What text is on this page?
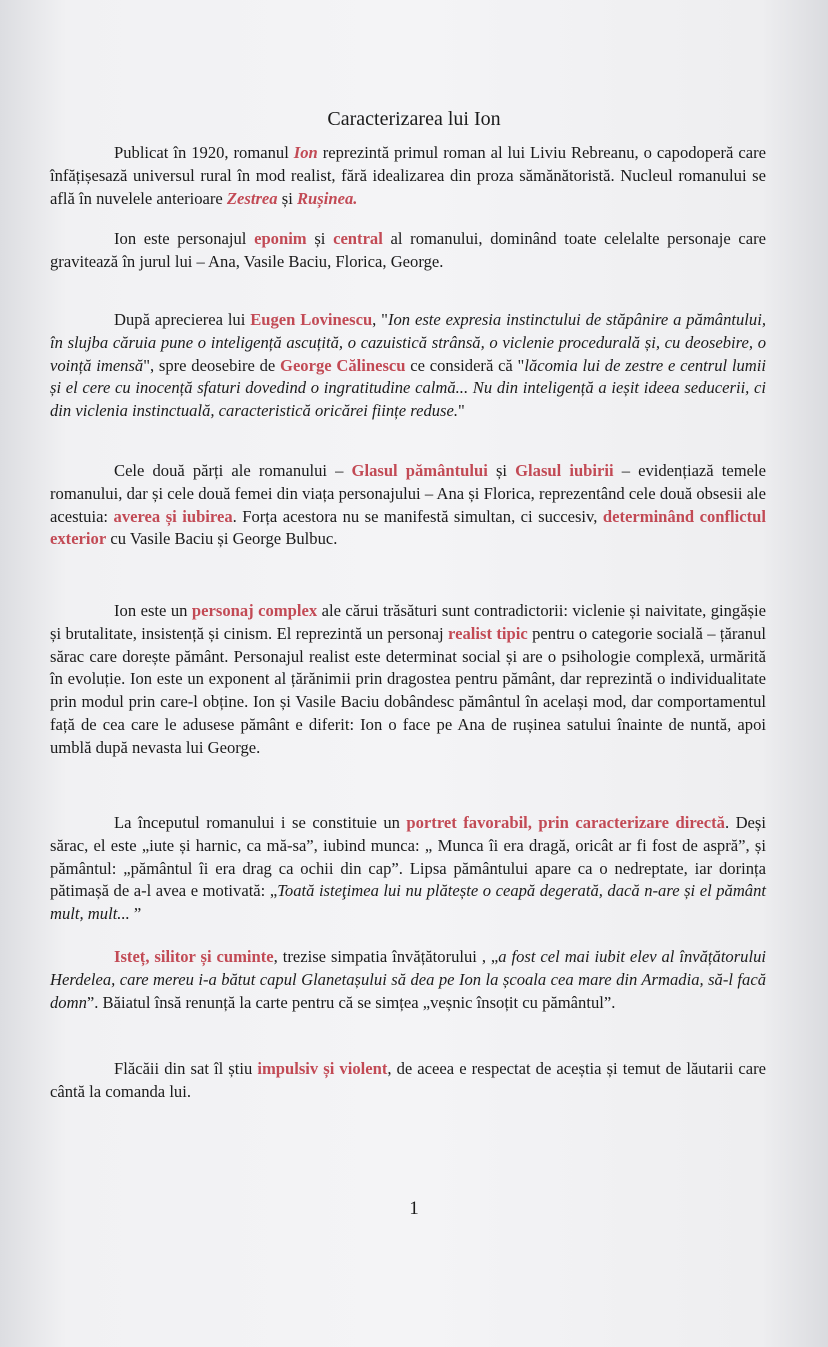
Caracterizarea lui Ion

Publicat în 1920, romanul Ion reprezintă primul roman al lui Liviu Rebreanu, o capodoperă care înfățișesază universul rural în mod realist, fără idealizarea din proza sămănătoristă. Nucleul romanului se află în nuvelele anterioare Zestrea și Rușinea.

Ion este personajul eponim și central al romanului, dominând toate celelalte personaje care gravitează în jurul lui – Ana, Vasile Baciu, Florica, George.

După aprecierea lui Eugen Lovinescu, "Ion este expresia instinctului de stăpânire a pământului, în slujba căruia pune o inteligență ascuțită, o cazuistică strânsă, o viclenie procedurală și, cu deosebire, o voință imensă", spre deosebire de George Călinescu ce consideră că "lăcomia lui de zestre e centrul lumii și el cere cu inocență sfaturi dovedind o ingratitudine calmă... Nu din inteligență a ieșit ideea seducerii, ci din viclenia instinctuală, caracteristică oricărei ființe reduse."

Cele două părți ale romanului – Glasul pământului și Glasul iubirii – evidențiază temele romanului, dar și cele două femei din viața personajului – Ana și Florica, reprezentând cele două obsesii ale acestuia: averea și iubirea. Forța acestora nu se manifestă simultan, ci succesiv, determinând conflictul exterior cu Vasile Baciu și George Bulbuc.

Ion este un personaj complex ale cărui trăsături sunt contradictorii: viclenie și naivitate, gingășie și brutalitate, insistență și cinism. El reprezintă un personaj realist tipic pentru o categorie socială – țăranul sărac care dorește pământ. Personajul realist este determinat social și are o psihologie complexă, urmărită în evoluție. Ion este un exponent al țărănimii prin dragostea pentru pământ, dar reprezintă o individualitate prin modul prin care-l obține. Ion și Vasile Baciu dobândesc pământul în același mod, dar comportamentul față de cea care le adusese pământ e diferit: Ion o face pe Ana de rușinea satului înainte de nuntă, apoi umblă după nevasta lui George.

La începutul romanului i se constituie un portret favorabil, prin caracterizare directă. Deși sărac, el este „iute și harnic, ca mă-sa”, iubind munca: „ Munca îi era dragă, oricât ar fi fost de aspră”, și pământul: „pământul îi era drag ca ochii din cap”. Lipsa pământului apare ca o nedreptate, iar dorința pătimașă de a-l avea e motivată: „Toată isteţimea lui nu plătește o ceapă degerată, dacă n-are și el pământ mult, mult... ”

Isteț, silitor și cuminte, trezise simpatia învățătorului , „a fost cel mai iubit elev al învățătorului Herdelea, care mereu i-a bătut capul Glanetașului să dea pe Ion la școala cea mare din Armadia, să-l facă domn”. Băiatul însă renunță la carte pentru că se simțea „veșnic însoțit cu pământul”.

Flăcăii din sat îl știu impulsiv și violent, de aceea e respectat de aceștia și temut de lăutarii care cântă la comanda lui.

1
